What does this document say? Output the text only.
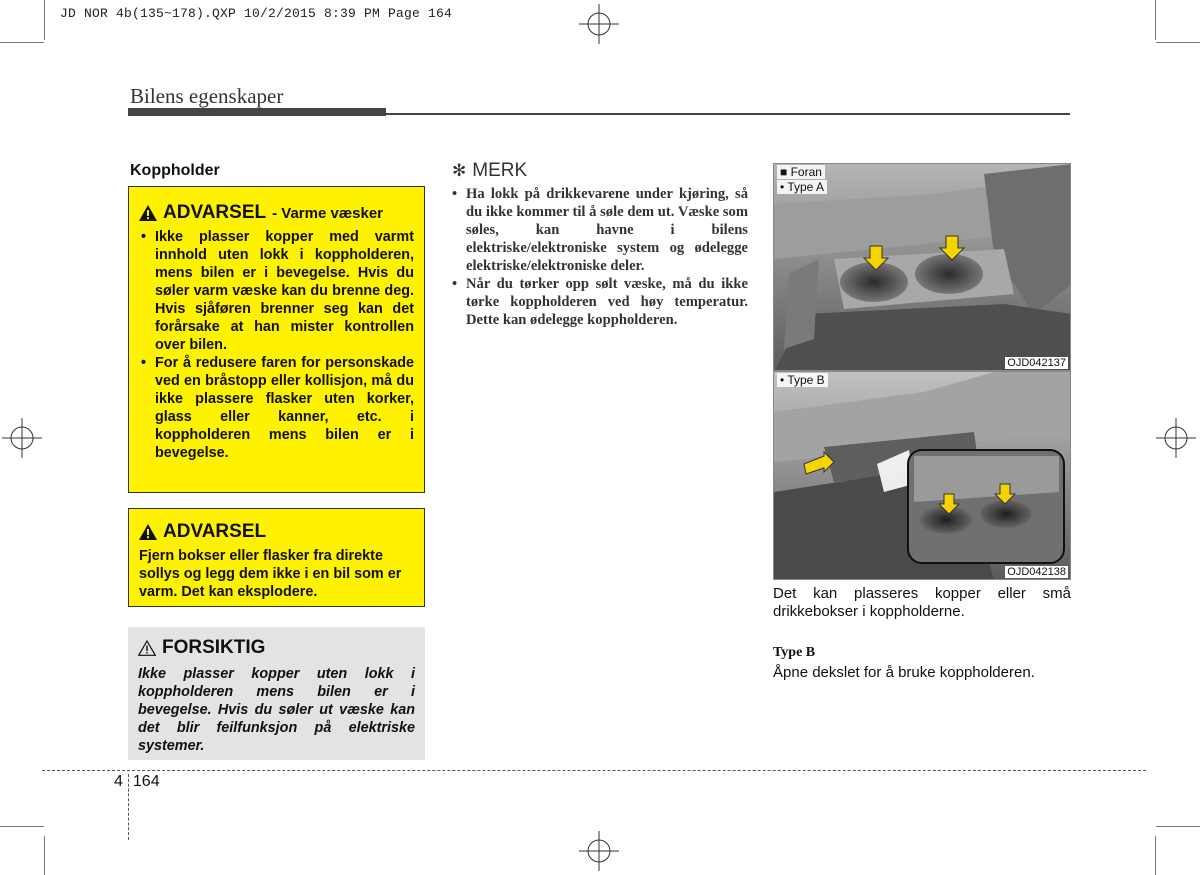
JD NOR 4b(135~178).QXP 10/2/2015 8:39 PM Page 164
Bilens egenskaper
Koppholder
ADVARSEL - Varme væsker
• Ikke plasser kopper med varmt innhold uten lokk i koppholderen, mens bilen er i bevegelse. Hvis du søler varm væske kan du brenne deg. Hvis sjåføren brenner seg kan det forårsake at han mister kontrollen over bilen.
• For å redusere faren for personskade ved en bråstopp eller kollisjon, må du ikke plassere flasker uten korker, glass eller kanner, etc. i koppholderen mens bilen er i bevegelse.
ADVARSEL
Fjern bokser eller flasker fra direkte sollys og legg dem ikke i en bil som er varm. Det kan eksplodere.
FORSIKTIG
Ikke plasser kopper uten lokk i koppholderen mens bilen er i bevegelse. Hvis du søler ut væske kan det blir feilfunksjon på elektriske systemer.
✻ MERK
• Ha lokk på drikkevarene under kjøring, så du ikke kommer til å søle dem ut. Væske som søles, kan havne i bilens elektriske/elektroniske system og ødelegge elektriske/elektroniske deler.
• Når du tørker opp sølt væske, må du ikke tørke koppholderen ved høy temperatur. Dette kan ødelegge koppholderen.
■ Foran
• Type A
OJD042137
• Type B
OJD042138
Det kan plasseres kopper eller små drikkebokser i koppholderne.
Type B
Åpne dekslet for å bruke koppholderen.
4 164
